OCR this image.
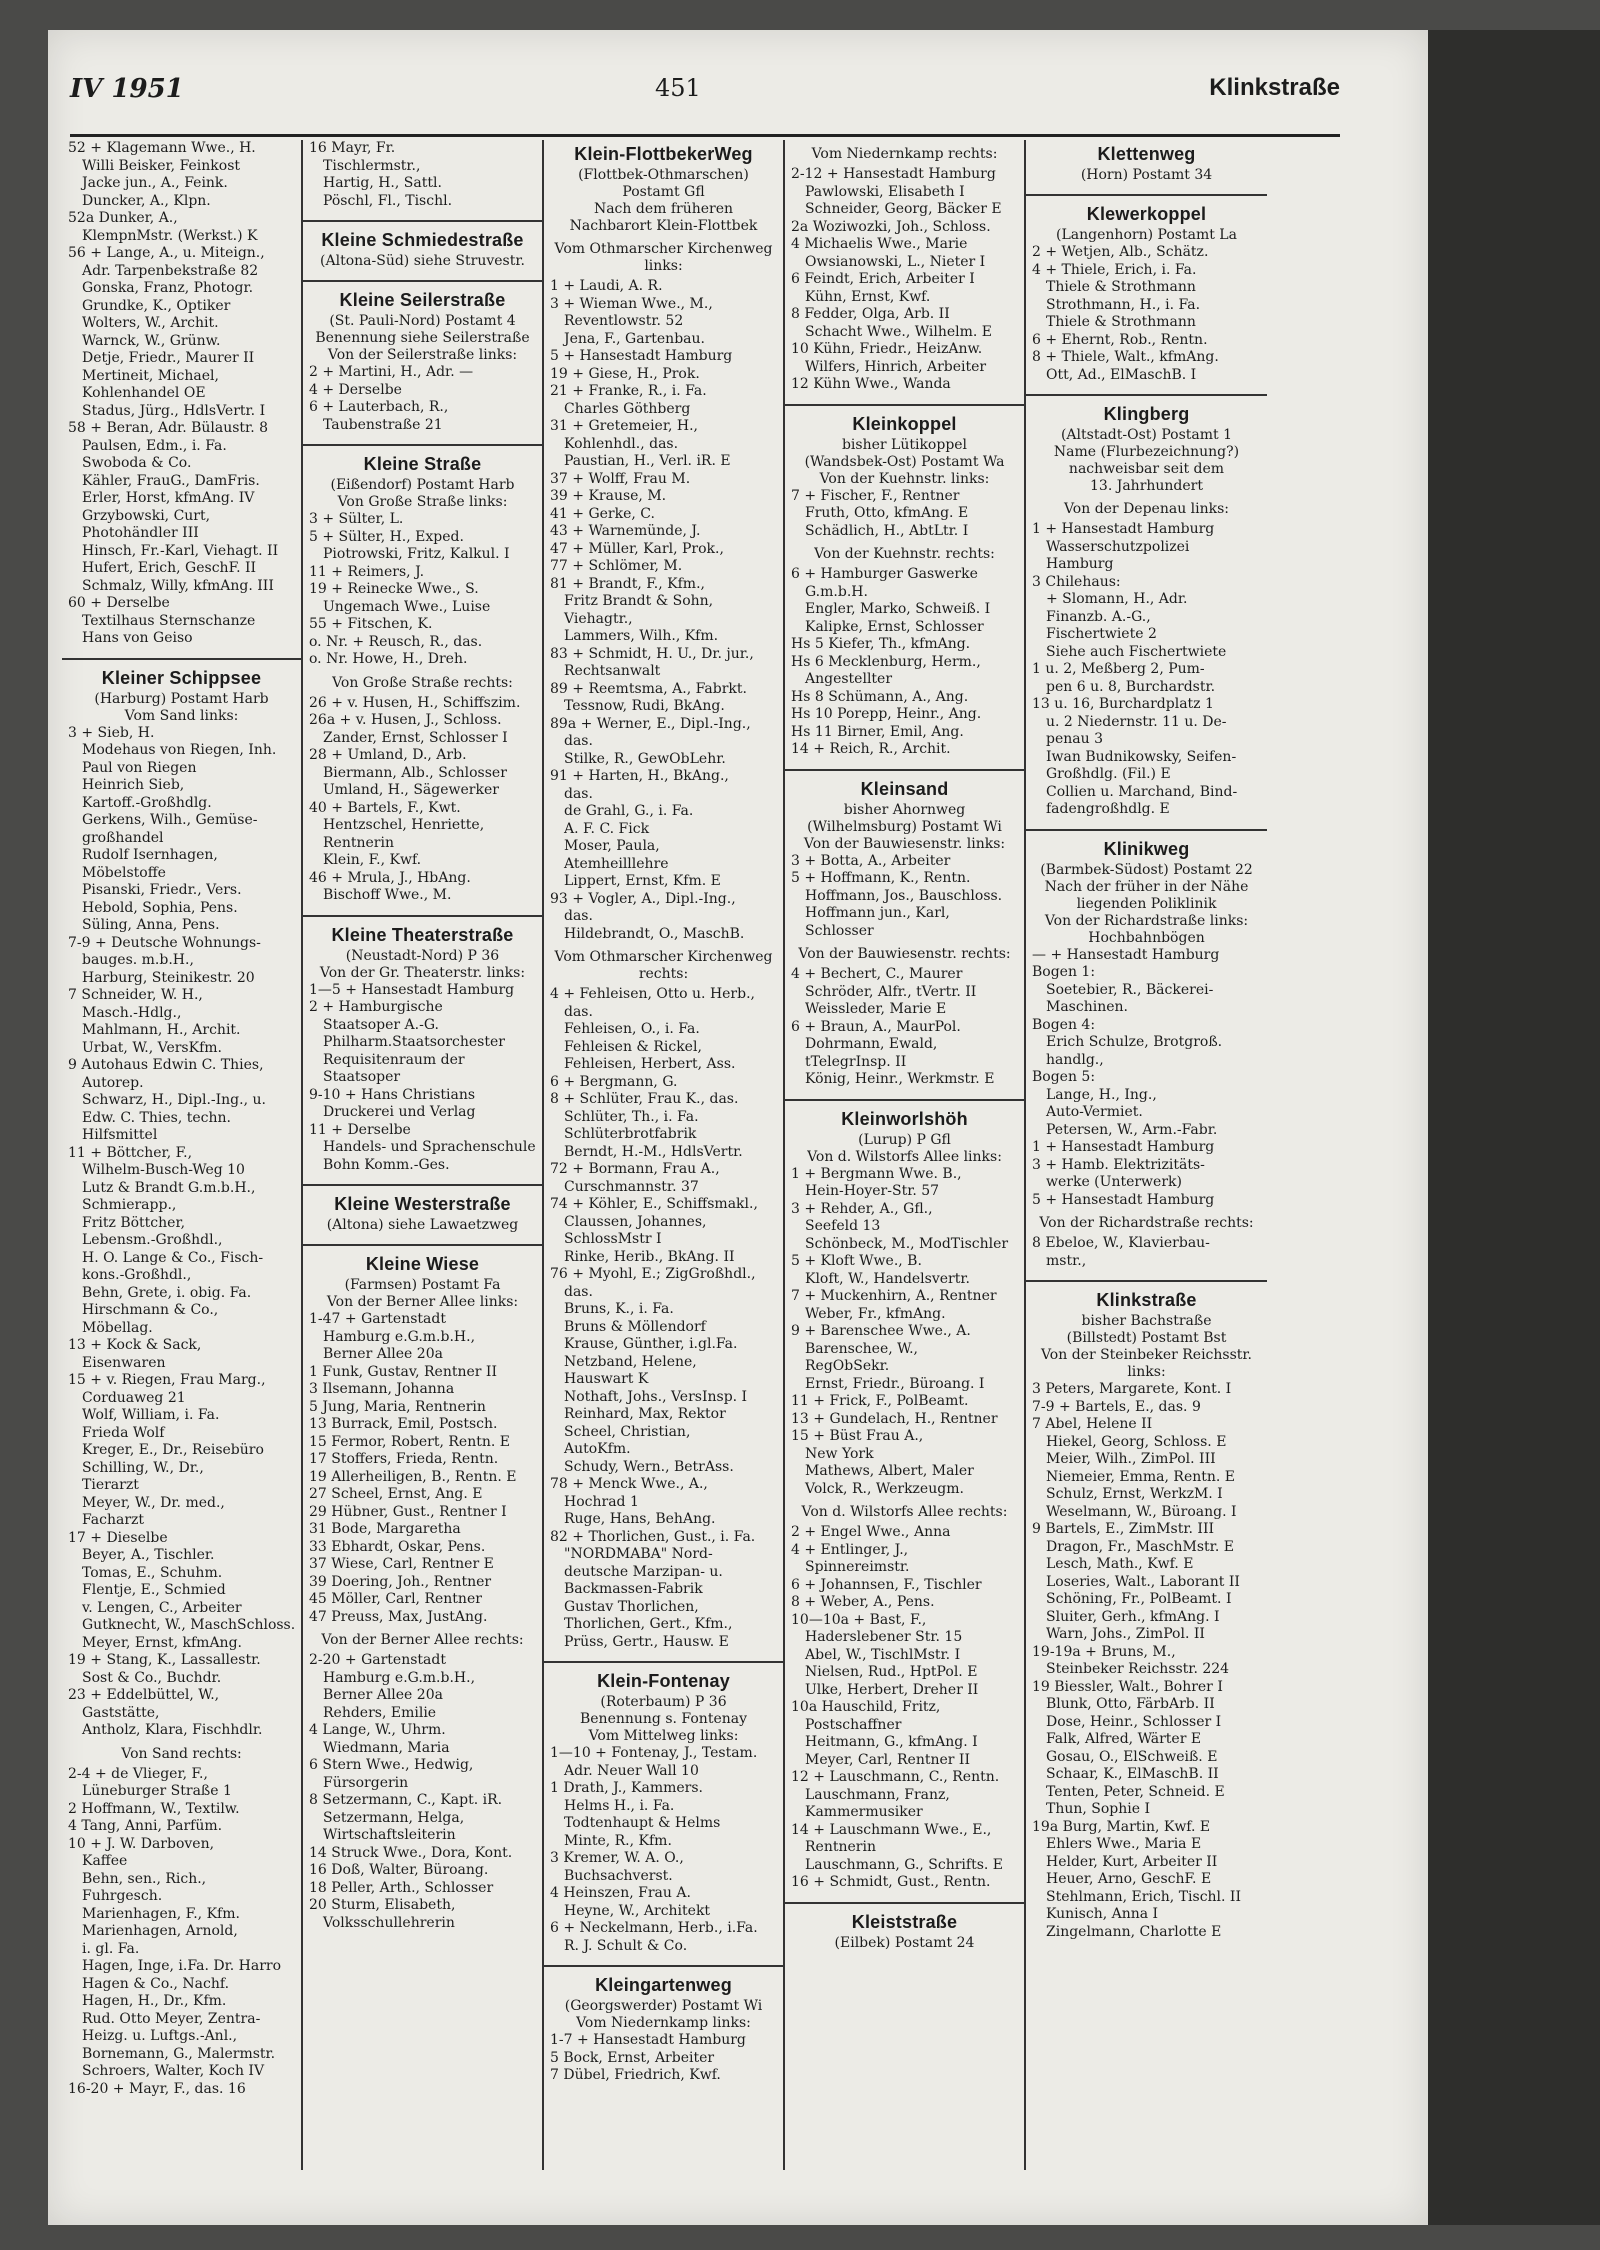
IV 1951	451	Klinkstraße

52 + Klagemann Wwe., H.

Willi Beisker, Feinkost

Jacke jun., A., Feink.

Duncker, A., Klpn.

52a Dunker, A.,

KlempnMstr. (Werkst.) K

56 + Lange, A., u. Miteign.,

Adr. Tarpenbekstraße 82

Gonska, Franz, Photogr.

Grundke, K., Optiker

Wolters, W., Archit.

Warnck, W., Grünw.

Detje, Friedr., Maurer II

Mertineit, Michael,

Kohlenhandel OE

Stadus, Jürg., HdlsVertr. I

58 + Beran, Adr. Bülaustr. 8

Paulsen, Edm., i. Fa.

Swoboda & Co.

Kähler, FrauG., DamFris.

Erler, Horst, kfmAng. IV

Grzybowski, Curt,

Photohändler III

Hinsch, Fr.-Karl, Viehagt. II

Hufert, Erich, GeschF. II

Schmalz, Willy, kfmAng. III

60 + Derselbe

Textilhaus Sternschanze

Hans von Geiso

Kleiner Schippsee
(Harburg) Postamt Harb
Vom Sand links:

3 + Sieb, H.

Modehaus von Riegen, Inh.

Paul von Riegen

Heinrich Sieb,

Kartoff.-Großhdlg.

Gerkens, Wilh., Gemüse-

großhandel

Rudolf Isernhagen,

Möbelstoffe

Pisanski, Friedr., Vers.

Hebold, Sophia, Pens.

Süling, Anna, Pens.

7-9 + Deutsche Wohnungs-

bauges. m.b.H.,

Harburg, Steinikestr. 20

7 Schneider, W. H.,

Masch.-Hdlg.,

Mahlmann, H., Archit.

Urbat, W., VersKfm.

9 Autohaus Edwin C. Thies,

Autorep.

Schwarz, H., Dipl.-Ing., u.

Edw. C. Thies, techn.

Hilfsmittel

11 + Böttcher, F.,

Wilhelm-Busch-Weg 10

Lutz & Brandt G.m.b.H.,

Schmierapp.,

Fritz Böttcher,

Lebensm.-Großhdl.,

H. O. Lange & Co., Fisch-

kons.-Großhdl.,

Behn, Grete, i. obig. Fa.

Hirschmann & Co.,

Möbellag.

13 + Kock & Sack,

Eisenwaren

15 + v. Riegen, Frau Marg.,

Corduaweg 21

Wolf, William, i. Fa.

Frieda Wolf

Kreger, E., Dr., Reisebüro

Schilling, W., Dr.,

Tierarzt

Meyer, W., Dr. med.,

Facharzt

17 + Dieselbe

Beyer, A., Tischler.

Tomas, E., Schuhm.

Flentje, E., Schmied

v. Lengen, C., Arbeiter

Gutknecht, W., MaschSchloss.

Meyer, Ernst, kfmAng.

19 + Stang, K., Lassallestr.

Sost & Co., Buchdr.

23 + Eddelbüttel, W.,

Gaststätte,

Antholz, Klara, Fischhdlr.

Von Sand rechts:

2-4 + de Vlieger, F.,

Lüneburger Straße 1

2 Hoffmann, W., Textilw.

4 Tang, Anni, Parfüm.

10 + J. W. Darboven,

Kaffee

Behn, sen., Rich.,

Fuhrgesch.

Marienhagen, F., Kfm.

Marienhagen, Arnold,

i. gl. Fa.

Hagen, Inge, i.Fa. Dr. Harro

Hagen & Co., Nachf.

Hagen, H., Dr., Kfm.

Rud. Otto Meyer, Zentra-

Heizg. u. Luftgs.-Anl.,

Bornemann, G., Malermstr.

Schroers, Walter, Koch IV

16-20 + Mayr, F., das. 16

16 Mayr, Fr.

Tischlermstr.,

Hartig, H., Sattl.

Pöschl, Fl., Tischl.

Kleine Schmiedestraße
(Altona-Süd) siehe Struvestr.
Kleine Seilerstraße
(St. Pauli-Nord) Postamt 4
Benennung siehe Seilerstraße
Von der Seilerstraße links:

2 + Martini, H., Adr. —

4 + Derselbe

6 + Lauterbach, R.,

Taubenstraße 21

Kleine Straße
(Eißendorf) Postamt Harb
Von Große Straße links:

3 + Sülter, L.

5 + Sülter, H., Exped.

Piotrowski, Fritz, Kalkul. I

11 + Reimers, J.

19 + Reinecke Wwe., S.

Ungemach Wwe., Luise

55 + Fitschen, K.

o. Nr. + Reusch, R., das.

o. Nr. Howe, H., Dreh.

Von Große Straße rechts:

26 + v. Husen, H., Schiffszim.

26a + v. Husen, J., Schloss.

Zander, Ernst, Schlosser I

28 + Umland, D., Arb.

Biermann, Alb., Schlosser

Umland, H., Sägewerker

40 + Bartels, F., Kwt.

Hentzschel, Henriette,

Rentnerin

Klein, F., Kwf.

46 + Mrula, J., HbAng.

Bischoff Wwe., M.

Kleine Theaterstraße
(Neustadt-Nord) P 36
Von der Gr. Theaterstr. links:

1—5 + Hansestadt Hamburg

2 + Hamburgische

Staatsoper A.-G.

Philharm.Staatsorchester

Requisitenraum der

Staatsoper

9-10 + Hans Christians

Druckerei und Verlag

11 + Derselbe

Handels- und Sprachenschule

Bohn Komm.-Ges.

Kleine Westerstraße
(Altona) siehe Lawaetzweg
Kleine Wiese
(Farmsen) Postamt Fa
Von der Berner Allee links:

1-47 + Gartenstadt

Hamburg e.G.m.b.H.,

Berner Allee 20a

1 Funk, Gustav, Rentner II

3 Ilsemann, Johanna

5 Jung, Maria, Rentnerin

13 Burrack, Emil, Postsch.

15 Fermor, Robert, Rentn. E

17 Stoffers, Frieda, Rentn.

19 Allerheiligen, B., Rentn. E

27 Scheel, Ernst, Ang. E

29 Hübner, Gust., Rentner I

31 Bode, Margaretha

33 Ebhardt, Oskar, Pens.

37 Wiese, Carl, Rentner E

39 Doering, Joh., Rentner

45 Möller, Carl, Rentner

47 Preuss, Max, JustAng.

Von der Berner Allee rechts:

2-20 + Gartenstadt

Hamburg e.G.m.b.H.,

Berner Allee 20a

Rehders, Emilie

4 Lange, W., Uhrm.

Wiedmann, Maria

6 Stern Wwe., Hedwig,

Fürsorgerin

8 Setzermann, C., Kapt. iR.

Setzermann, Helga,

Wirtschaftsleiterin

14 Struck Wwe., Dora, Kont.

16 Doß, Walter, Büroang.

18 Peller, Arth., Schlosser

20 Sturm, Elisabeth,

Volksschullehrerin

Klein-FlottbekerWeg
(Flottbek-Othmarschen)
Postamt Gfl
Nach dem früheren
Nachbarort Klein-Flottbek
Vom Othmarscher Kirchenweg links:

1 + Laudi, A. R.

3 + Wieman Wwe., M.,

Reventlowstr. 52

Jena, F., Gartenbau.

5 + Hansestadt Hamburg

19 + Giese, H., Prok.

21 + Franke, R., i. Fa.

Charles Göthberg

31 + Gretemeier, H.,

Kohlenhdl., das.

Paustian, H., Verl. iR. E

37 + Wolff, Frau M.

39 + Krause, M.

41 + Gerke, C.

43 + Warnemünde, J.

47 + Müller, Karl, Prok.,

77 + Schlömer, M.

81 + Brandt, F., Kfm.,

Fritz Brandt & Sohn,

Viehagtr.,

Lammers, Wilh., Kfm.

83 + Schmidt, H. U., Dr. jur.,

Rechtsanwalt

89 + Reemtsma, A., Fabrkt.

Tessnow, Rudi, BkAng.

89a + Werner, E., Dipl.-Ing.,

das.

Stilke, R., GewObLehr.

91 + Harten, H., BkAng.,

das.

de Grahl, G., i. Fa.

A. F. C. Fick

Moser, Paula,

Atemheilllehre

Lippert, Ernst, Kfm. E

93 + Vogler, A., Dipl.-Ing.,

das.

Hildebrandt, O., MaschB.

Vom Othmarscher Kirchenweg rechts:

4 + Fehleisen, Otto u. Herb.,

das.

Fehleisen, O., i. Fa.

Fehleisen & Rickel,

Fehleisen, Herbert, Ass.

6 + Bergmann, G.

8 + Schlüter, Frau K., das.

Schlüter, Th., i. Fa.

Schlüterbrotfabrik

Berndt, H.-M., HdlsVertr.

72 + Bormann, Frau A.,

Curschmannstr. 37

74 + Köhler, E., Schiffsmakl.,

Claussen, Johannes,

SchlossMstr I

Rinke, Herib., BkAng. II

76 + Myohl, E.; ZigGroßhdl.,

das.

Bruns, K., i. Fa.

Bruns & Möllendorf

Krause, Günther, i.gl.Fa.

Netzband, Helene,

Hauswart K

Nothaft, Johs., VersInsp. I

Reinhard, Max, Rektor

Scheel, Christian,

AutoKfm.

Schudy, Wern., BetrAss.

78 + Menck Wwe., A.,

Hochrad 1

Ruge, Hans, BehAng.

82 + Thorlichen, Gust., i. Fa.

"NORDMABA" Nord-

deutsche Marzipan- u.

Backmassen-Fabrik

Gustav Thorlichen,

Thorlichen, Gert., Kfm.,

Prüss, Gertr., Hausw. E

Klein-Fontenay
(Roterbaum) P 36
Benennung s. Fontenay
Vom Mittelweg links:

1—10 + Fontenay, J., Testam.

Adr. Neuer Wall 10

1 Drath, J., Kammers.

Helms H., i. Fa.

Todtenhaupt & Helms

Minte, R., Kfm.

3 Kremer, W. A. O.,

Buchsachverst.

4 Heinszen, Frau A.

Heyne, W., Architekt

6 + Neckelmann, Herb., i.Fa.

R. J. Schult & Co.

Kleingartenweg
(Georgswerder) Postamt Wi
Vom Niedernkamp links:

1-7 + Hansestadt Hamburg

5 Bock, Ernst, Arbeiter

7 Dübel, Friedrich, Kwf.

Vom Niedernkamp rechts:

2-12 + Hansestadt Hamburg

Pawlowski, Elisabeth I

Schneider, Georg, Bäcker E

2a Woziwozki, Joh., Schloss.

4 Michaelis Wwe., Marie

Owsianowski, L., Nieter I

6 Feindt, Erich, Arbeiter I

Kühn, Ernst, Kwf.

8 Fedder, Olga, Arb. II

Schacht Wwe., Wilhelm. E

10 Kühn, Friedr., HeizAnw.

Wilfers, Hinrich, Arbeiter

12 Kühn Wwe., Wanda

Kleinkoppel
bisher Lütikoppel
(Wandsbek-Ost) Postamt Wa
Von der Kuehnstr. links:

7 + Fischer, F., Rentner

Fruth, Otto, kfmAng. E

Schädlich, H., AbtLtr. I

Von der Kuehnstr. rechts:

6 + Hamburger Gaswerke

G.m.b.H.

Engler, Marko, Schweiß. I

Kalipke, Ernst, Schlosser

Hs 5 Kiefer, Th., kfmAng.

Hs 6 Mecklenburg, Herm.,

Angestellter

Hs 8 Schümann, A., Ang.

Hs 10 Porepp, Heinr., Ang.

Hs 11 Birner, Emil, Ang.

14 + Reich, R., Archit.

Kleinsand
bisher Ahornweg
(Wilhelmsburg) Postamt Wi
Von der Bauwiesenstr. links:

3 + Botta, A., Arbeiter

5 + Hoffmann, K., Rentn.

Hoffmann, Jos., Bauschloss.

Hoffmann jun., Karl,

Schlosser

Von der Bauwiesenstr. rechts:

4 + Bechert, C., Maurer

Schröder, Alfr., tVertr. II

Weissleder, Marie E

6 + Braun, A., MaurPol.

Dohrmann, Ewald,

tTelegrInsp. II

König, Heinr., Werkmstr. E

Kleinworlshöh
(Lurup) P Gfl
Von d. Wilstorfs Allee links:

1 + Bergmann Wwe. B.,

Hein-Hoyer-Str. 57

3 + Rehder, A., Gfl.,

Seefeld 13

Schönbeck, M., ModTischler

5 + Kloft Wwe., B.

Kloft, W., Handelsvertr.

7 + Muckenhirn, A., Rentner

Weber, Fr., kfmAng.

9 + Barenschee Wwe., A.

Barenschee, W.,

RegObSekr.

Ernst, Friedr., Büroang. I

11 + Frick, F., PolBeamt.

13 + Gundelach, H., Rentner

15 + Büst Frau A.,

New York

Mathews, Albert, Maler

Volck, R., Werkzeugm.

Von d. Wilstorfs Allee rechts:

2 + Engel Wwe., Anna

4 + Entlinger, J.,

Spinnereimstr.

6 + Johannsen, F., Tischler

8 + Weber, A., Pens.

10—10a + Bast, F.,

Haderslebener Str. 15

Abel, W., TischlMstr. I

Nielsen, Rud., HptPol. E

Ulke, Herbert, Dreher II

10a Hauschild, Fritz,

Postschaffner

Heitmann, G., kfmAng. I

Meyer, Carl, Rentner II

12 + Lauschmann, C., Rentn.

Lauschmann, Franz,

Kammermusiker

14 + Lauschmann Wwe., E.,

Rentnerin

Lauschmann, G., Schrifts. E

16 + Schmidt, Gust., Rentn.

Kleiststraße
(Eilbek) Postamt 24
Klettenweg
(Horn) Postamt 34
Klewerkoppel
(Langenhorn) Postamt La

2 + Wetjen, Alb., Schätz.

4 + Thiele, Erich, i. Fa.

Thiele & Strothmann

Strothmann, H., i. Fa.

Thiele & Strothmann

6 + Ehernt, Rob., Rentn.

8 + Thiele, Walt., kfmAng.

Ott, Ad., ElMaschB. I

Klingberg
(Altstadt-Ost) Postamt 1
Name (Flurbezeichnung?)
nachweisbar seit dem
13. Jahrhundert
Von der Depenau links:

1 + Hansestadt Hamburg

Wasserschutzpolizei

Hamburg

3 Chilehaus:

+ Slomann, H., Adr.

Finanzb. A.-G.,

Fischertwiete 2

Siehe auch Fischertwiete

1 u. 2, Meßberg 2, Pum-

pen 6 u. 8, Burchardstr.

13 u. 16, Burchardplatz 1

u. 2 Niedernstr. 11 u. De-

penau 3

Iwan Budnikowsky, Seifen-

Großhdlg. (Fil.) E

Collien u. Marchand, Bind-

fadengroßhdlg. E

Klinikweg
(Barmbek-Südost) Postamt 22
Nach der früher in der Nähe
liegenden Poliklinik
Von der Richardstraße links:
Hochbahnbögen

— + Hansestadt Hamburg

Bogen 1:

Soetebier, R., Bäckerei-

Maschinen.

Bogen 4:

Erich Schulze, Brotgroß.

handlg.,

Bogen 5:

Lange, H., Ing.,

Auto-Vermiet.

Petersen, W., Arm.-Fabr.

1 + Hansestadt Hamburg

3 + Hamb. Elektrizitäts-

werke (Unterwerk)

5 + Hansestadt Hamburg

Von der Richardstraße rechts:

8 Ebeloe, W., Klavierbau-

mstr.,

Klinkstraße
bisher Bachstraße
(Billstedt) Postamt Bst
Von der Steinbeker Reichsstr. links:

3 Peters, Margarete, Kont. I

7-9 + Bartels, E., das. 9

7 Abel, Helene II

Hiekel, Georg, Schloss. E

Meier, Wilh., ZimPol. III

Niemeier, Emma, Rentn. E

Schulz, Ernst, WerkzM. I

Weselmann, W., Büroang. I

9 Bartels, E., ZimMstr. III

Dragon, Fr., MaschMstr. E

Lesch, Math., Kwf. E

Loseries, Walt., Laborant II

Schöning, Fr., PolBeamt. I

Sluiter, Gerh., kfmAng. I

Warn, Johs., ZimPol. II

19-19a + Bruns, M.,

Steinbeker Reichsstr. 224

19 Biessler, Walt., Bohrer I

Blunk, Otto, FärbArb. II

Dose, Heinr., Schlosser I

Falk, Alfred, Wärter E

Gosau, O., ElSchweiß. E

Schaar, K., ElMaschB. II

Tenten, Peter, Schneid. E

Thun, Sophie I

19a Burg, Martin, Kwf. E

Ehlers Wwe., Maria E

Helder, Kurt, Arbeiter II

Heuer, Arno, GeschF. E

Stehlmann, Erich, Tischl. II

Kunisch, Anna I

Zingelmann, Charlotte E
